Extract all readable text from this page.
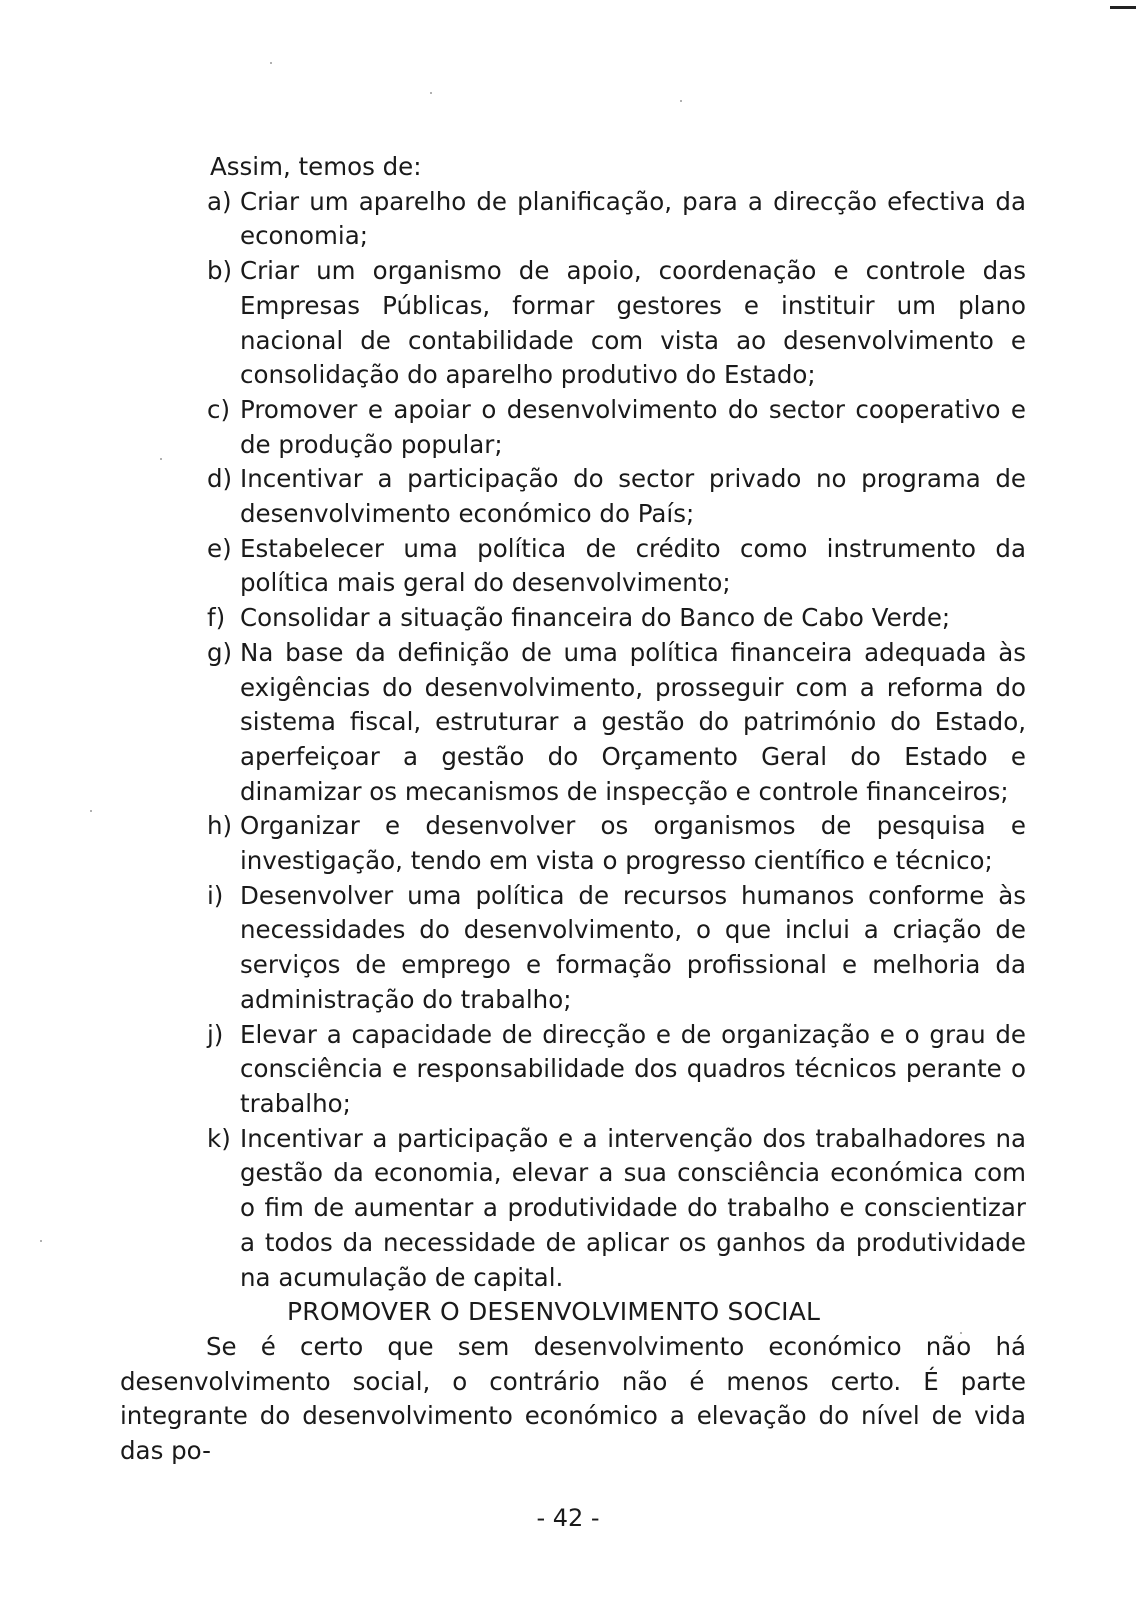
Assim, temos de:
a) Criar um aparelho de planificação, para a direcção efectiva da economia;
b) Criar um organismo de apoio, coordenação e controle das Empresas Públicas, formar gestores e instituir um plano nacional de contabilidade com vista ao desenvolvimento e consolidação do aparelho produtivo do Estado;
c) Promover e apoiar o desenvolvimento do sector cooperativo e de produção popular;
d) Incentivar a participação do sector privado no programa de desenvolvimento económico do País;
e) Estabelecer uma política de crédito como instrumento da política mais geral do desenvolvimento;
f) Consolidar a situação financeira do Banco de Cabo Verde;
g) Na base da definição de uma política financeira adequada às exigências do desenvolvimento, prosseguir com a reforma do sistema fiscal, estruturar a gestão do património do Estado, aperfeiçoar a gestão do Orçamento Geral do Estado e dinamizar os mecanismos de inspecção e controle financeiros;
h) Organizar e desenvolver os organismos de pesquisa e investigação, tendo em vista o progresso científico e técnico;
i) Desenvolver uma política de recursos humanos conforme às necessidades do desenvolvimento, o que inclui a criação de serviços de emprego e formação profissional e melhoria da administração do trabalho;
j) Elevar a capacidade de direcção e de organização e o grau de consciência e responsabilidade dos quadros técnicos perante o trabalho;
k) Incentivar a participação e a intervenção dos trabalhadores na gestão da economia, elevar a sua consciência económica com o fim de aumentar a produtividade do trabalho e conscientizar a todos da necessidade de aplicar os ganhos da produtividade na acumulação de capital.
PROMOVER O DESENVOLVIMENTO SOCIAL
Se é certo que sem desenvolvimento económico não há desenvolvimento social, o contrário não é menos certo. É parte integrante do desenvolvimento económico a elevação do nível de vida das po-
- 42 -
